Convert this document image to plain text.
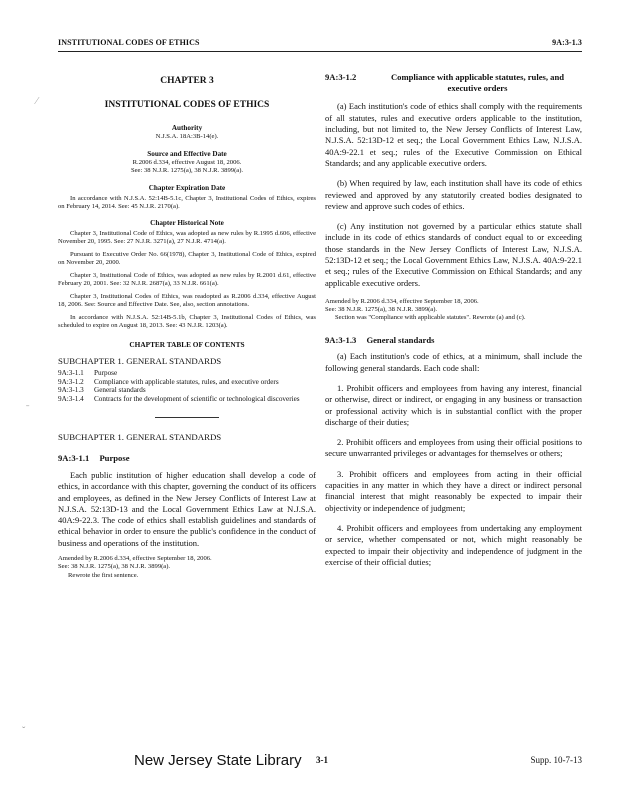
INSTITUTIONAL CODES OF ETHICS	9A:3-1.3
⁄
ˉ
ˇ
CHAPTER 3
INSTITUTIONAL CODES OF ETHICS
Authority
N.J.S.A. 18A:3B-14(e).
Source and Effective Date
R.2006 d.334, effective August 18, 2006.
See: 38 N.J.R. 1275(a), 38 N.J.R. 3899(a).
Chapter Expiration Date
In accordance with N.J.S.A. 52:14B-5.1c, Chapter 3, Institutional Codes of Ethics, expires on February 14, 2014. See: 45 N.J.R. 2170(a).
Chapter Historical Note
Chapter 3, Institutional Code of Ethics, was adopted as new rules by R.1995 d.606, effective November 20, 1995. See: 27 N.J.R. 3271(a), 27 N.J.R. 4714(a).
Pursuant to Executive Order No. 66(1978), Chapter 3, Institutional Code of Ethics, expired on November 20, 2000.
Chapter 3, Institutional Code of Ethics, was adopted as new rules by R.2001 d.61, effective February 20, 2001. See: 32 N.J.R. 2687(a), 33 N.J.R. 661(a).
Chapter 3, Institutional Codes of Ethics, was readopted as R.2006 d.334, effective August 18, 2006. See: Source and Effective Date. See, also, section annotations.
In accordance with N.J.S.A. 52:14B-5.1b, Chapter 3, Institutional Codes of Ethics, was scheduled to expire on August 18, 2013. See: 43 N.J.R. 1203(a).
CHAPTER TABLE OF CONTENTS
SUBCHAPTER 1. GENERAL STANDARDS
9A:3-1.1	Purpose
9A:3-1.2	Compliance with applicable statutes, rules, and executive orders
9A:3-1.3	General standards
9A:3-1.4	Contracts for the development of scientific or technological discoveries
SUBCHAPTER 1. GENERAL STANDARDS
9A:3-1.1 Purpose
Each public institution of higher education shall develop a code of ethics, in accordance with this chapter, governing the conduct of its officers and employees, as defined in the New Jersey Conflicts of Interest Law at N.J.S.A. 52:13D-13 and the Local Government Ethics Law at N.J.S.A. 40A:9-22.3. The code of ethics shall establish guidelines and standards of ethical behavior in order to ensure the public's confidence in the conduct of business and operations of the institution.
Amended by R.2006 d.334, effective September 18, 2006.
See: 38 N.J.R. 1275(a), 38 N.J.R. 3899(a).
Rewrote the first sentence.
9A:3-1.2	Compliance with applicable statutes, rules, and executive orders
(a) Each institution's code of ethics shall comply with the requirements of all statutes, rules and executive orders applicable to the institution, including, but not limited to, the New Jersey Conflicts of Interest Law, N.J.S.A. 52:13D-12 et seq.; the Local Government Ethics Law, N.J.S.A. 40A:9-22.1 et seq.; rules of the Executive Commission on Ethical Standards; and any applicable executive orders.
(b) When required by law, each institution shall have its code of ethics reviewed and approved by any statutorily created bodies designated to review and approve such codes of ethics.
(c) Any institution not governed by a particular ethics statute shall include in its code of ethics standards of conduct equal to or exceeding those standards in the New Jersey Conflicts of Interest Law, N.J.S.A. 52:13D-12 et seq.; the Local Government Ethics Law, N.J.S.A. 40A:9-22.1 et seq.; rules of the Executive Commission on Ethical Standards; and any applicable executive orders.
Amended by R.2006 d.334, effective September 18, 2006.
See: 38 N.J.R. 1275(a), 38 N.J.R. 3899(a).
Section was "Compliance with applicable statutes". Rewrote (a) and (c).
9A:3-1.3 General standards
(a) Each institution's code of ethics, at a minimum, shall include the following general standards. Each code shall:
1. Prohibit officers and employees from having any interest, financial or otherwise, direct or indirect, or engaging in any business or transaction or professional activity which is in substantial conflict with the proper discharge of their duties;
2. Prohibit officers and employees from using their official positions to secure unwarranted privileges or advantages for themselves or others;
3. Prohibit officers and employees from acting in their official capacities in any matter in which they have a direct or indirect personal financial interest that might reasonably be expected to impair their objectivity or independence of judgment;
4. Prohibit officers and employees from undertaking any employment or service, whether compensated or not, which might reasonably be expected to impair their objectivity and independence of judgment in the exercise of their official duties;
New Jersey State Library 3-1	Supp. 10-7-13
